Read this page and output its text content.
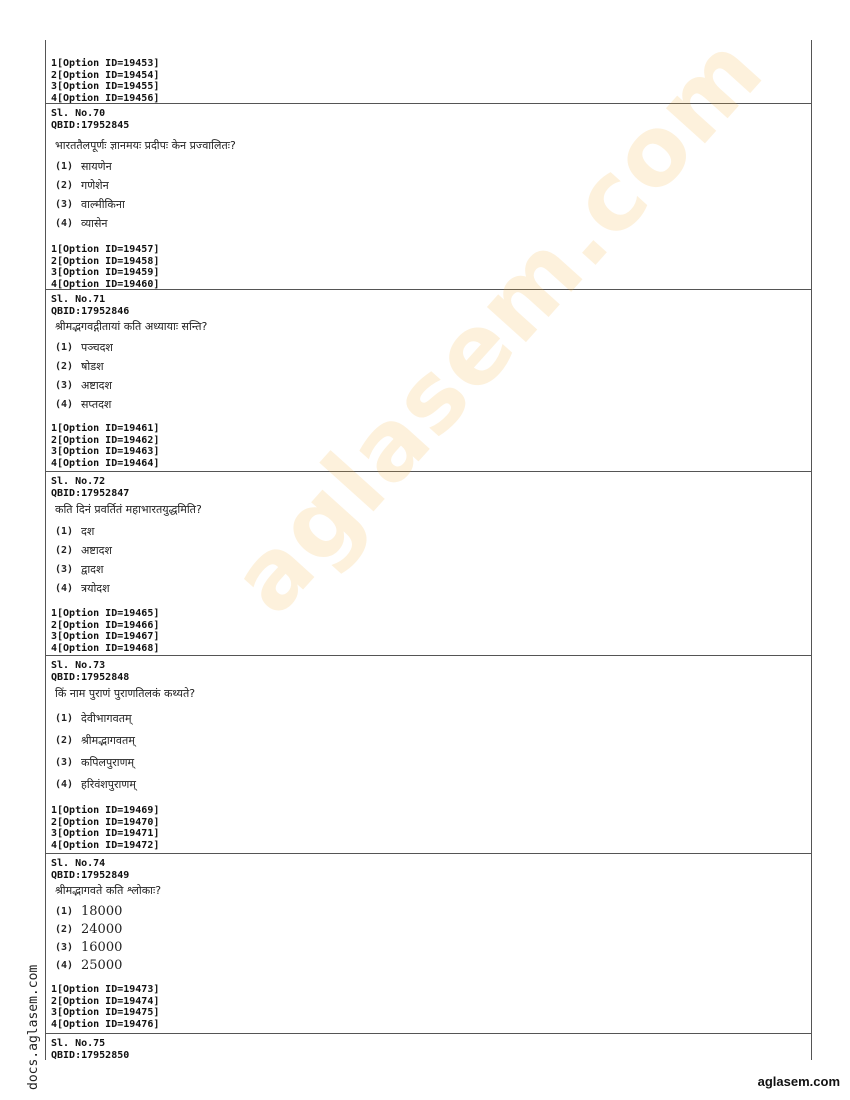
1[Option ID=19453]
2[Option ID=19454]
3[Option ID=19455]
4[Option ID=19456]
Sl. No.70
QBID:17952845
भारततैलपूर्णः ज्ञानमयः प्रदीपः केन प्रज्वालितः?
(1) सायणेन
(2) गणेशेन
(3) वाल्मीकिना
(4) व्यासेन
1[Option ID=19457]
2[Option ID=19458]
3[Option ID=19459]
4[Option ID=19460]
Sl. No.71
QBID:17952846
श्रीमद्भगवद्गीतायां कति अध्यायाः सन्ति?
(1) पञ्चदश
(2) षोडश
(3) अष्टादश
(4) सप्तदश
1[Option ID=19461]
2[Option ID=19462]
3[Option ID=19463]
4[Option ID=19464]
Sl. No.72
QBID:17952847
कति दिनं प्रवर्तितं महाभारतयुद्धमिति?
(1) दश
(2) अष्टादश
(3) द्वादश
(4) त्रयोदश
1[Option ID=19465]
2[Option ID=19466]
3[Option ID=19467]
4[Option ID=19468]
Sl. No.73
QBID:17952848
किं नाम पुराणं पुराणतिलकं कथ्यते?
(1) देवीभागवतम्
(2) श्रीमद्भागवतम्
(3) कपिलपुराणम्
(4) हरिवंशपुराणम्
1[Option ID=19469]
2[Option ID=19470]
3[Option ID=19471]
4[Option ID=19472]
Sl. No.74
QBID:17952849
श्रीमद्भागवते कति श्लोकाः?
(1) 18000
(2) 24000
(3) 16000
(4) 25000
1[Option ID=19473]
2[Option ID=19474]
3[Option ID=19475]
4[Option ID=19476]
Sl. No.75
QBID:17952850
aglasem.com
docs.aglasem.com	aglasem.com
